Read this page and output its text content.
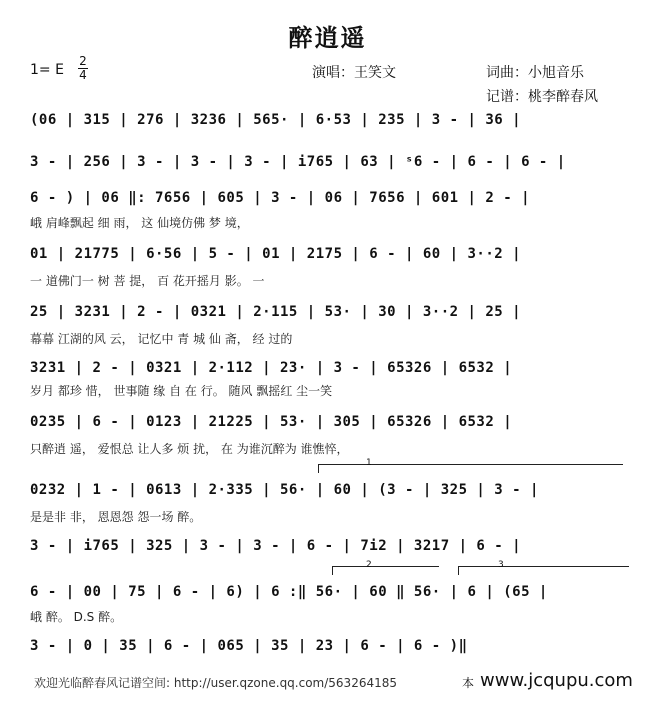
醉逍遥
1= E
2
4	演唱：王笑文	词曲：小旭音乐
记谱：桃李醉春风
(06 | 315 | 276 | 3236 | 565· | 6·53 | 235 | 3 - | 36 |
3 - | 256 | 3 - | 3 - | 3 - | i765 | 63 | ˢ6 - | 6 - | 6 - |
6 - ) | 06 ‖: 7656 | 605 | 3 - | 06 | 7656 | 601 | 2 - |
峨 肩峰飘起 细 雨， 这 仙境仿佛 梦 境，
01 | 21775 | 6·56 | 5 - | 01 | 2175 | 6 - | 60 | 3··2 |
一 道佛门一 树 菩 提， 百 花开摇月 影。 一
25 | 3231 | 2 - | 0321 | 2·115 | 53· | 30 | 3··2 | 25 |
幕幕 江湖的风 云， 记忆中 青 城 仙 斋， 经 过的
3231 | 2 - | 0321 | 2·112 | 23· | 3 - | 65326 | 6532 |
岁月 都珍 惜， 世事随 缘 自 在 行。 随风 飘摇红 尘一笑
0235 | 6 - | 0123 | 21225 | 53· | 305 | 65326 | 6532 |
只醉逍 遥， 爱恨总 让人多 烦 扰， 在 为谁沉醉为 谁憔悴，
1
0232 | 1 - | 0613 | 2·335 | 56· | 60 | (3 - | 325 | 3 - |
是是非 非， 恩恩怨 怨一场 醉。
3 - | i765 | 325 | 3 - | 3 - | 6 - | 7i2 | 3217 | 6 - |
2	3
6 - | 00 | 75 | 6 - | 6) | 6 :‖ 56· | 60 ‖ 56· | 6 | (65 |
峨 醉。 D.S 醉。
3 - | 0 | 35 | 6 - | 065 | 35 | 23 | 6 - | 6 - )‖
欢迎光临醉春风记谱空间: http://user.qzone.qq.com/563264185	本 www.jcqupu.com
